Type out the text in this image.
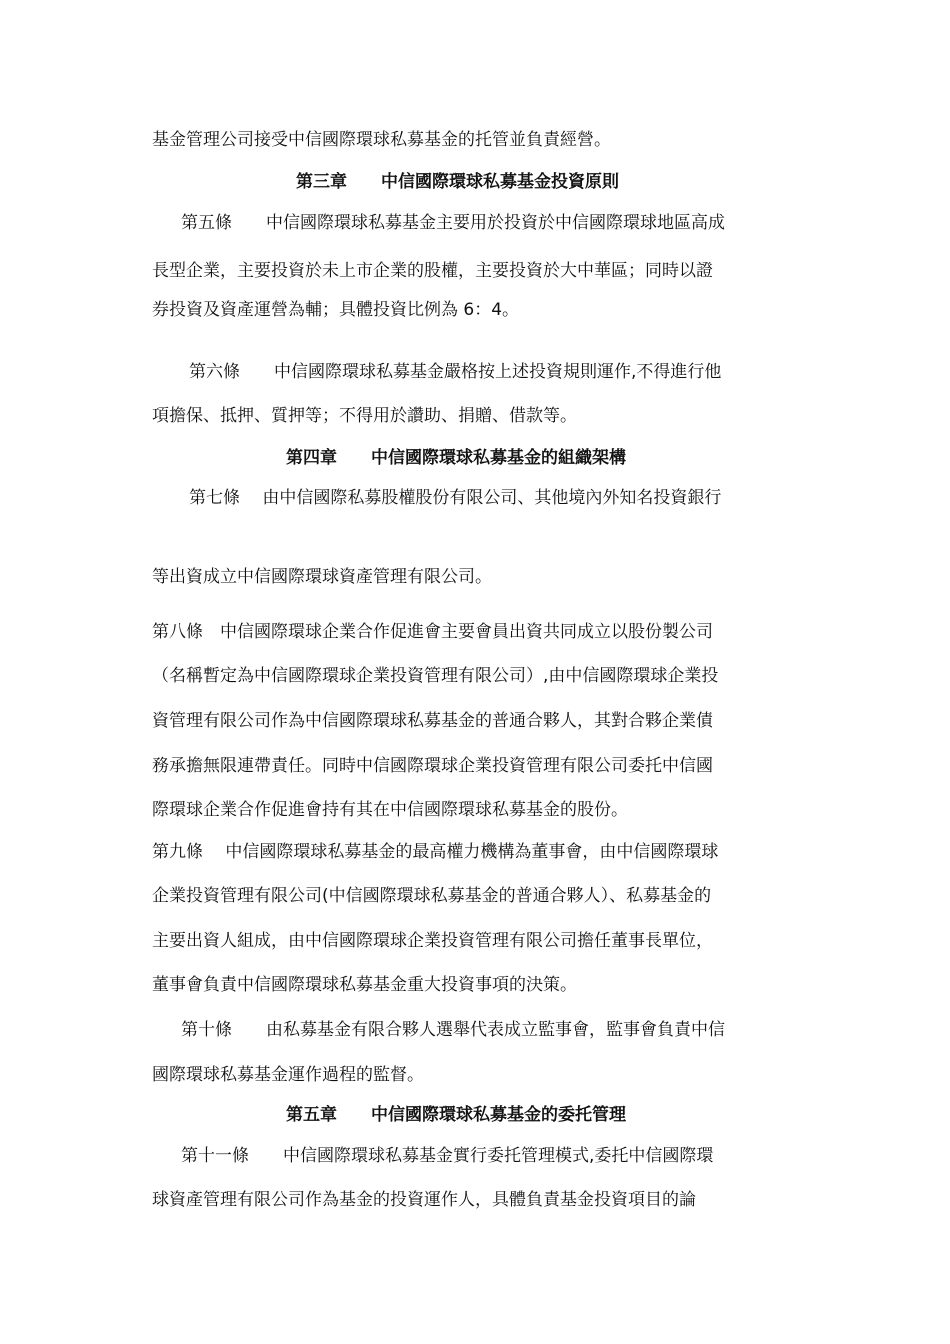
基金管理公司接受中信國際環球私募基金的托管並負責經營。
第三章　　中信國際環球私募基金投資原則
第五條　　中信國際環球私募基金主要用於投資於中信國際環球地區高成
長型企業，主要投資於未上市企業的股權，主要投資於大中華區；同時以證
券投資及資產運營為輔；具體投資比例為 6：4。
第六條　　中信國際環球私募基金嚴格按上述投資規則運作,不得進行他
項擔保、抵押、質押等；不得用於讚助、捐贈、借款等。
第四章　　中信國際環球私募基金的組織架構
第七條　 由中信國際私募股權股份有限公司、其他境內外知名投資銀行
等出資成立中信國際環球資產管理有限公司。
第八條　中信國際環球企業合作促進會主要會員出資共同成立以股份製公司
（名稱暫定為中信國際環球企業投資管理有限公司）,由中信國際環球企業投
資管理有限公司作為中信國際環球私募基金的普通合夥人，其對合夥企業債
務承擔無限連帶責任。同時中信國際環球企業投資管理有限公司委托中信國
際環球企業合作促進會持有其在中信國際環球私募基金的股份。
第九條　 中信國際環球私募基金的最高權力機構為董事會，由中信國際環球
企業投資管理有限公司(中信國際環球私募基金的普通合夥人）、私募基金的
主要出資人組成，由中信國際環球企業投資管理有限公司擔任董事長單位，
董事會負責中信國際環球私募基金重大投資事項的決策。
第十條　　由私募基金有限合夥人選舉代表成立監事會，監事會負責中信
國際環球私募基金運作過程的監督。
第五章　　中信國際環球私募基金的委托管理
第十一條　　中信國際環球私募基金實行委托管理模式,委托中信國際環
球資產管理有限公司作為基金的投資運作人，具體負責基金投資項目的論
